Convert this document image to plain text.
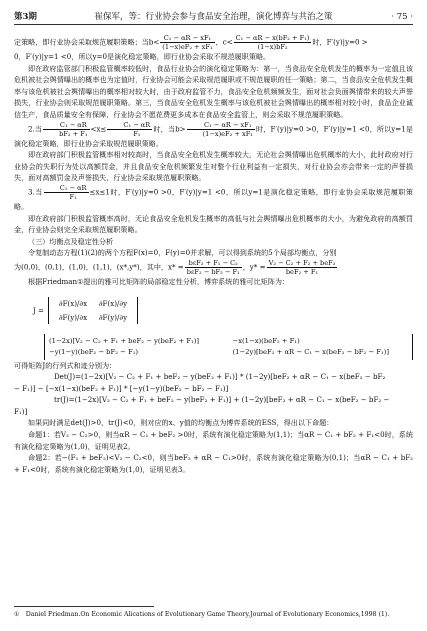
第3期	崔保军，等：行业协会参与食品安全治理，演化博弈与共治之策	· 75 ·

定策略，即行业协会采取规范履职策略；当$b< \frac{\text{C₁ − αR − xF₁}}{\text{(1−x)eF₂ + xF₁}}$ ，$c< \frac{\text{C₁ − αR − x(bF₂ + F₁)}}{\text{(1−x)bF₂}}$ 时，F′(y)|y=0 >

0，F′(y)|y=1 <0，所以y=0是演化稳定策略，即行业协会采取不规范履职策略。

即在政府监管部门积极监管概率较低时，食品行业协会的演化稳定策略为：第一，当食品安全危机发生的概率为一定值且该危机被社会舆情曝出的概率也为定值时，行业协会可能会采取规范履职或不规范履职的任一策略；第二，当食品安全危机发生概率与该危机被社会舆情曝出的概率相对较大时，由于政府监管不力，食品安全危机频频发生，面对社会负面舆情带来的较大声誉损失，行业协会则采取规范履职策略。第三，当食品安全危机发生概率与该危机被社会舆情曝出的概率相对较小时，食品企业诚信生产，食品质量安全有保障，行业协会不愿花费更多成本在食品安全监管上，则会采取不规范履职策略。

2.当 $\frac{\text{C₁ − αR}}{\text{bF₂ + F₁}} <x\le \frac{\text{C₁ − αR}}{\text{F₁}}$ 时，当$b> \frac{\text{C₁ − αR − xF₁}}{\text{(1−x)eF₂ + xF₁}}$ 时，F′(y)|y=0 >0，F′(y)|y=1 <0，所以y=1是演化稳定策略，即行业协会采取规范履职策略。

即在政府部门积极监管概率相对较高时，当食品安全危机发生概率较大，无论社会舆情曝出危机概率的大小，此时政府对行业协会的失职行为处以高额罚金，并且食品安全危机频繁发生对整个行业利益有一定损失，对行业协会亦会带来一定的声誉损失，面对高额罚金及声誉损失，行业协会采取规范履职策略。

3.当 $\frac{\text{C₁ − αR}}{\text{F₁}} \le x\le 1$时，F′(y)|y=0 >0，F′(y)|y=1 <0，所以y=1是演化稳定策略，即行业协会采取规范履职策略。

即在政府部门积极监管概率高时，无论食品安全危机发生概率的高低与社会舆情曝出危机概率的大小，为避免政府的高额罚金，行业协会则完全采取规范履职策略。

（三）均衡点及稳定性分析

令复制动态方程(1)(2)的两个方程F(x)=0，F(y)=0并求解，可以得到系统的5个局部均衡点，分别

为(0,0)，(0,1)，(1,0)，(1,1)，(x*,y*)，其中，$x* = \frac{\text{bεF₂ + F₁ − C₂}}{\text{bεF₂ − bF₂ − F₁}}$ ，$y* = \frac{\text{V₂ − C₂ + F₂ + beF₂}}{\text{beF₂ + F₁}}$

根据Friedman①提出的雅可比矩阵的局部稳定性分析，博弈系统的雅可比矩阵为：

J =
∂F(x)/∂x	∂F(x)/∂y
∂F(y)/∂x	∂F(y)/∂y
(1−2x)[V₂ − C₂ + F₁ + beF₂ − y(beF₂ + F₁)]	−x(1−x)(beF₂ + F₁)
−y(1−y)(beF₂ − bF₂ − F₁)	(1−2y)[beF₂ + αR − C₁ − x(beF₂ − bF₂ − F₁)]

可得矩阵J的行列式和迹分别为：

Det(J)=(1−2x)[V₂ − C₂ + F₁ + beF₂ − y(beF₂ + F₁)] * (1−2y)[beF₂ + αR − C₁ − x(beF₂ − bF₂

− F₁)] − [−x(1−x)(beF₂ + F₁)] * [−y(1−y)(beF₂ − bF₂ − F₁)]

tr(J)=(1−2x)[V₂ − C₂ + F₁ + beF₂ − y(beF₂ + F₁)] + (1−2y)[beF₂ + αR − C₁ − x(beF₂ − bF₂ −

F₁)]

如果同时满足det(J)>0，tr(J)<0，则对应的x、y值的均衡点为博弈系统的ESS，得出以下命题：

命题1：若V₂ − C₂>0，则当αR − C₁ + beF₂ >0时，系统有演化稳定策略为(1,1)；当αR − C₁ + bF₂ + F₁<0时，系统有演化稳定策略为(1,0)，证明见表2。

命题2：若−(F₁ + beF₂)<V₂ − C₂<0，则当beF₂ + αR − C₁>0时，系统有演化稳定策略为(0,1)；当αR − C₁ + bF₂ + F₁<0时，系统有演化稳定策略为(1,0)，证明见表3。

①　Daniel Friedman.On Economic Alications of Evolutionary Game Theory.Journal of Evolutionary Economics,1998 (1).
